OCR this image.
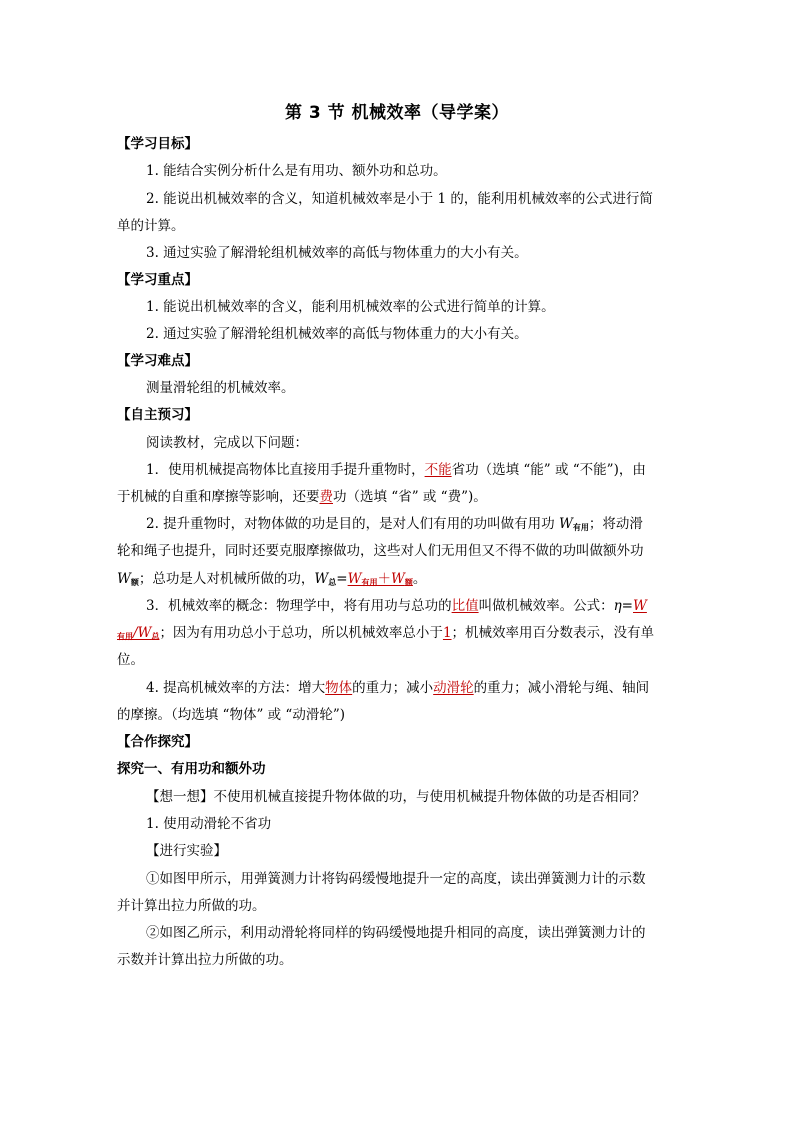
第 3 节 机械效率（导学案）
【学习目标】
1. 能结合实例分析什么是有用功、额外功和总功。
2. 能说出机械效率的含义，知道机械效率是小于 1 的，能利用机械效率的公式进行简
单的计算。
3. 通过实验了解滑轮组机械效率的高低与物体重力的大小有关。
【学习重点】
1. 能说出机械效率的含义，能利用机械效率的公式进行简单的计算。
2. 通过实验了解滑轮组机械效率的高低与物体重力的大小有关。
【学习难点】
测量滑轮组的机械效率。
【自主预习】
阅读教材，完成以下问题：
1．使用机械提高物体比直接用手提升重物时，不能省功（选填 “能” 或 “不能”)，由
于机械的自重和摩擦等影响，还要费功（选填 “省” 或 “费”)。
2. 提升重物时，对物体做的功是目的，是对人们有用的功叫做有用功 $W_{有用}$；将动滑
轮和绳子也提升，同时还要克服摩擦做功，这些对人们无用但又不得不做的功叫做额外功
$W_额$；总功是人对机械所做的功，$W_总=W_{有用}+W_额$。
3．机械效率的概念：物理学中，将有用功与总功的比值叫做机械效率。公式：η=W
$_{有用}/W_总$；因为有用功总小于总功，所以机械效率总小于1；机械效率用百分数表示，没有单
位。
4. 提高机械效率的方法：增大物体的重力；减小动滑轮的重力；减小滑轮与绳、轴间
的摩擦。（均选填 “物体” 或 “动滑轮”)
【合作探究】
探究一、有用功和额外功
【想一想】不使用机械直接提升物体做的功，与使用机械提升物体做的功是否相同？
1. 使用动滑轮不省功
【进行实验】
①如图甲所示，用弹簧测力计将钩码缓慢地提升一定的高度，读出弹簧测力计的示数
并计算出拉力所做的功。
②如图乙所示，利用动滑轮将同样的钩码缓慢地提升相同的高度，读出弹簧测力计的
示数并计算出拉力所做的功。
